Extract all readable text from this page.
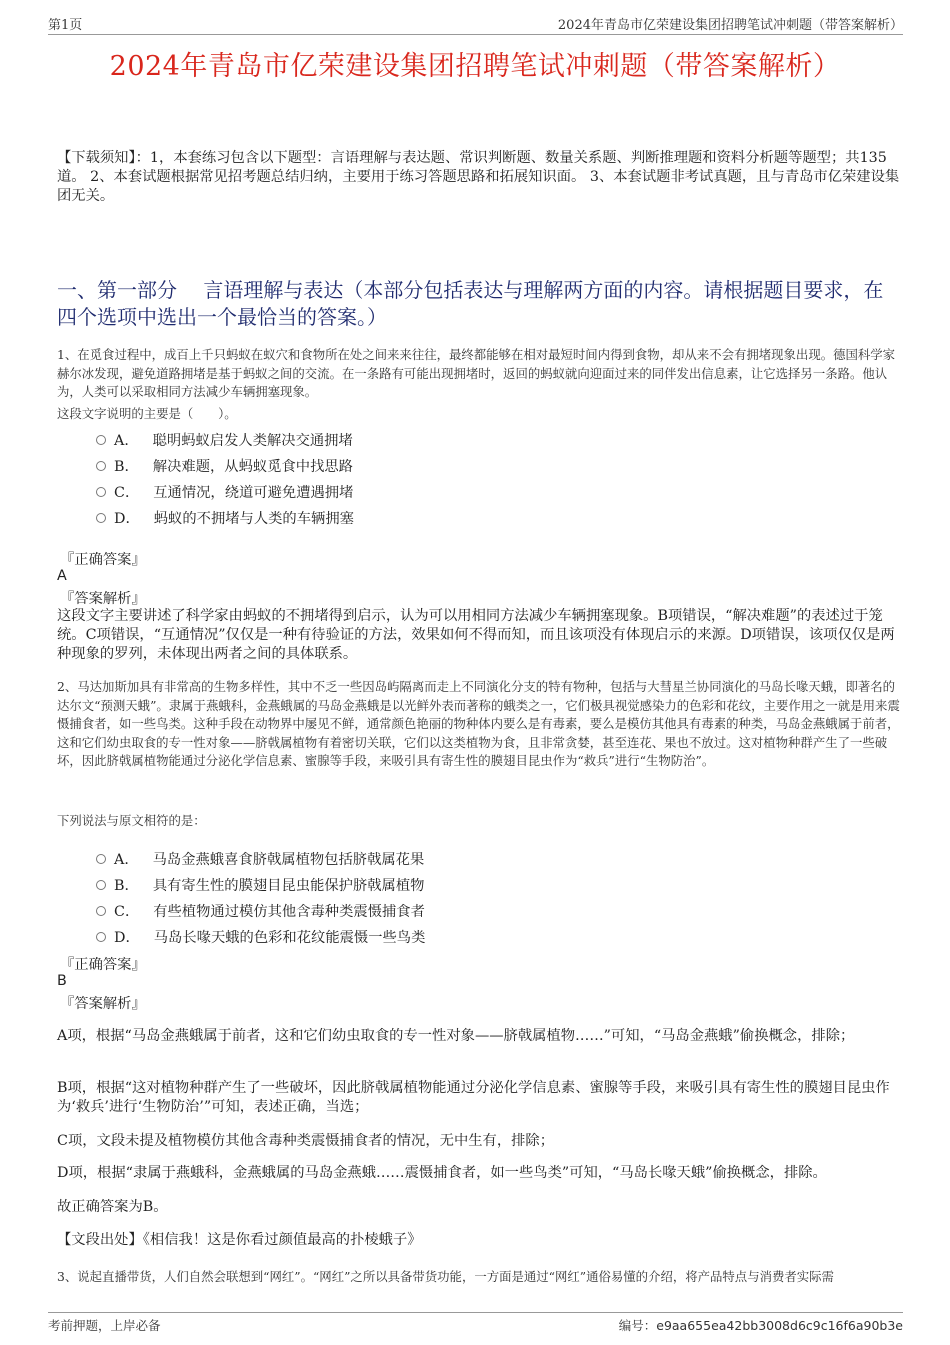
第1页	2024年青岛市亿荣建设集团招聘笔试冲刺题（带答案解析）
2024年青岛市亿荣建设集团招聘笔试冲刺题（带答案解析）
【下载须知】：1，本套练习包含以下题型：言语理解与表达题、常识判断题、数量关系题、判断推理题和资料分析题等题型；共135道。 2、本套试题根据常见招考题总结归纳，主要用于练习答题思路和拓展知识面。 3、本套试题非考试真题，且与青岛市亿荣建设集团无关。
一、第一部分　 言语理解与表达（本部分包括表达与理解两方面的内容。请根据题目要求，在四个选项中选出一个最恰当的答案。）
1、在觅食过程中，成百上千只蚂蚁在蚁穴和食物所在处之间来来往往，最终都能够在相对最短时间内得到食物，却从来不会有拥堵现象出现。德国科学家赫尔冰发现，避免道路拥堵是基于蚂蚁之间的交流。在一条路有可能出现拥堵时，返回的蚂蚁就向迎面过来的同伴发出信息素，让它选择另一条路。他认为，人类可以采取相同方法减少车辆拥塞现象。
这段文字说明的主要是（　　）。
A． 聪明蚂蚁启发人类解决交通拥堵
B． 解决难题，从蚂蚁觅食中找思路
C． 互通情况，绕道可避免遭遇拥堵
D． 蚂蚁的不拥堵与人类的车辆拥塞
『正确答案』
A
『答案解析』
这段文字主要讲述了科学家由蚂蚁的不拥堵得到启示，认为可以用相同方法减少车辆拥塞现象。B项错误，“解决难题”的表述过于笼统。C项错误，“互通情况”仅仅是一种有待验证的方法，效果如何不得而知，而且该项没有体现启示的来源。D项错误，该项仅仅是两种现象的罗列，未体现出两者之间的具体联系。
2、马达加斯加具有非常高的生物多样性，其中不乏一些因岛屿隔离而走上不同演化分支的特有物种，包括与大彗星兰协同演化的马岛长喙天蛾，即著名的达尔文“预测天蛾”。隶属于燕蛾科，金燕蛾属的马岛金燕蛾是以光鲜外表而著称的蛾类之一，它们极具视觉感染力的色彩和花纹，主要作用之一就是用来震慑捕食者，如一些鸟类。这种手段在动物界中屡见不鲜，通常颜色艳丽的物种体内要么是有毒素，要么是模仿其他具有毒素的种类，马岛金燕蛾属于前者，这和它们幼虫取食的专一性对象——脐戟属植物有着密切关联，它们以这类植物为食，且非常贪婪，甚至连花、果也不放过。这对植物种群产生了一些破坏，因此脐戟属植物能通过分泌化学信息素、蜜腺等手段，来吸引具有寄生性的膜翅目昆虫作为“救兵”进行“生物防治”。
下列说法与原文相符的是：
A． 马岛金燕蛾喜食脐戟属植物包括脐戟属花果
B． 具有寄生性的膜翅目昆虫能保护脐戟属植物
C． 有些植物通过模仿其他含毒种类震慑捕食者
D． 马岛长喙天蛾的色彩和花纹能震慑一些鸟类
『正确答案』
B
『答案解析』
A项，根据“马岛金燕蛾属于前者，这和它们幼虫取食的专一性对象——脐戟属植物……”可知，“马岛金燕蛾”偷换概念，排除；
B项，根据“这对植物种群产生了一些破坏，因此脐戟属植物能通过分泌化学信息素、蜜腺等手段，来吸引具有寄生性的膜翅目昆虫作为‘救兵’进行‘生物防治’”可知，表述正确，当选；
C项，文段未提及植物模仿其他含毒种类震慑捕食者的情况，无中生有，排除；
D项，根据“隶属于燕蛾科，金燕蛾属的马岛金燕蛾……震慑捕食者，如一些鸟类”可知，“马岛长喙天蛾”偷换概念，排除。
故正确答案为B。
【文段出处】《相信我！这是你看过颜值最高的扑棱蛾子》
3、说起直播带货，人们自然会联想到“网红”。“网红”之所以具备带货功能，一方面是通过“网红”通俗易懂的介绍，将产品特点与消费者实际需
考前押题，上岸必备	编号：e9aa655ea42bb3008d6c9c16f6a90b3e
